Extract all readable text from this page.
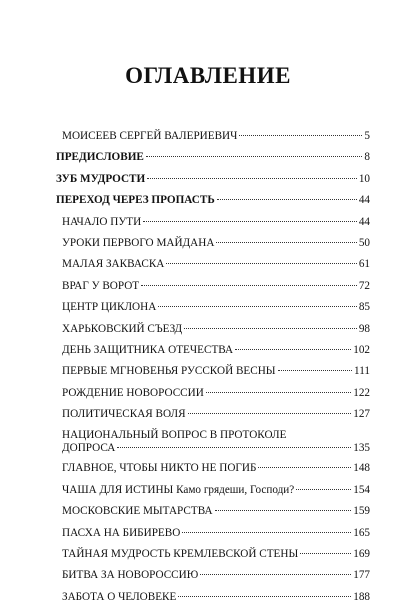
ОГЛАВЛЕНИЕ
МОИСЕЕВ СЕРГЕЙ ВАЛЕРИЕВИЧ	5
ПРЕДИСЛОВИЕ	8
ЗУБ МУДРОСТИ	10
ПЕРЕХОД ЧЕРЕЗ ПРОПАСТЬ	44
НАЧАЛО ПУТИ	44
УРОКИ ПЕРВОГО МАЙДАНА	50
МАЛАЯ ЗАКВАСКА	61
ВРАГ У ВОРОТ	72
ЦЕНТР ЦИКЛОНА	85
ХАРЬКОВСКИЙ СЪЕЗД	98
ДЕНЬ ЗАЩИТНИКА ОТЕЧЕСТВА	102
ПЕРВЫЕ МГНОВЕНЬЯ РУССКОЙ ВЕСНЫ	111
РОЖДЕНИЕ НОВОРОССИИ	122
ПОЛИТИЧЕСКАЯ ВОЛЯ	127
НАЦИОНАЛЬНЫЙ ВОПРОС В ПРОТОКОЛЕ
ДОПРОСА	135
ГЛАВНОЕ, ЧТОБЫ НИКТО НЕ ПОГИБ	148
ЧАША ДЛЯ ИСТИНЫ Камо грядеши, Господи?	154
МОСКОВСКИЕ МЫТАРСТВА	159
ПАСХА НА БИБИРЕВО	165
ТАЙНАЯ МУДРОСТЬ КРЕМЛЕВСКОЙ СТЕНЫ	169
БИТВА ЗА НОВОРОССИЮ	177
ЗАБОТА О ЧЕЛОВЕКЕ	188
